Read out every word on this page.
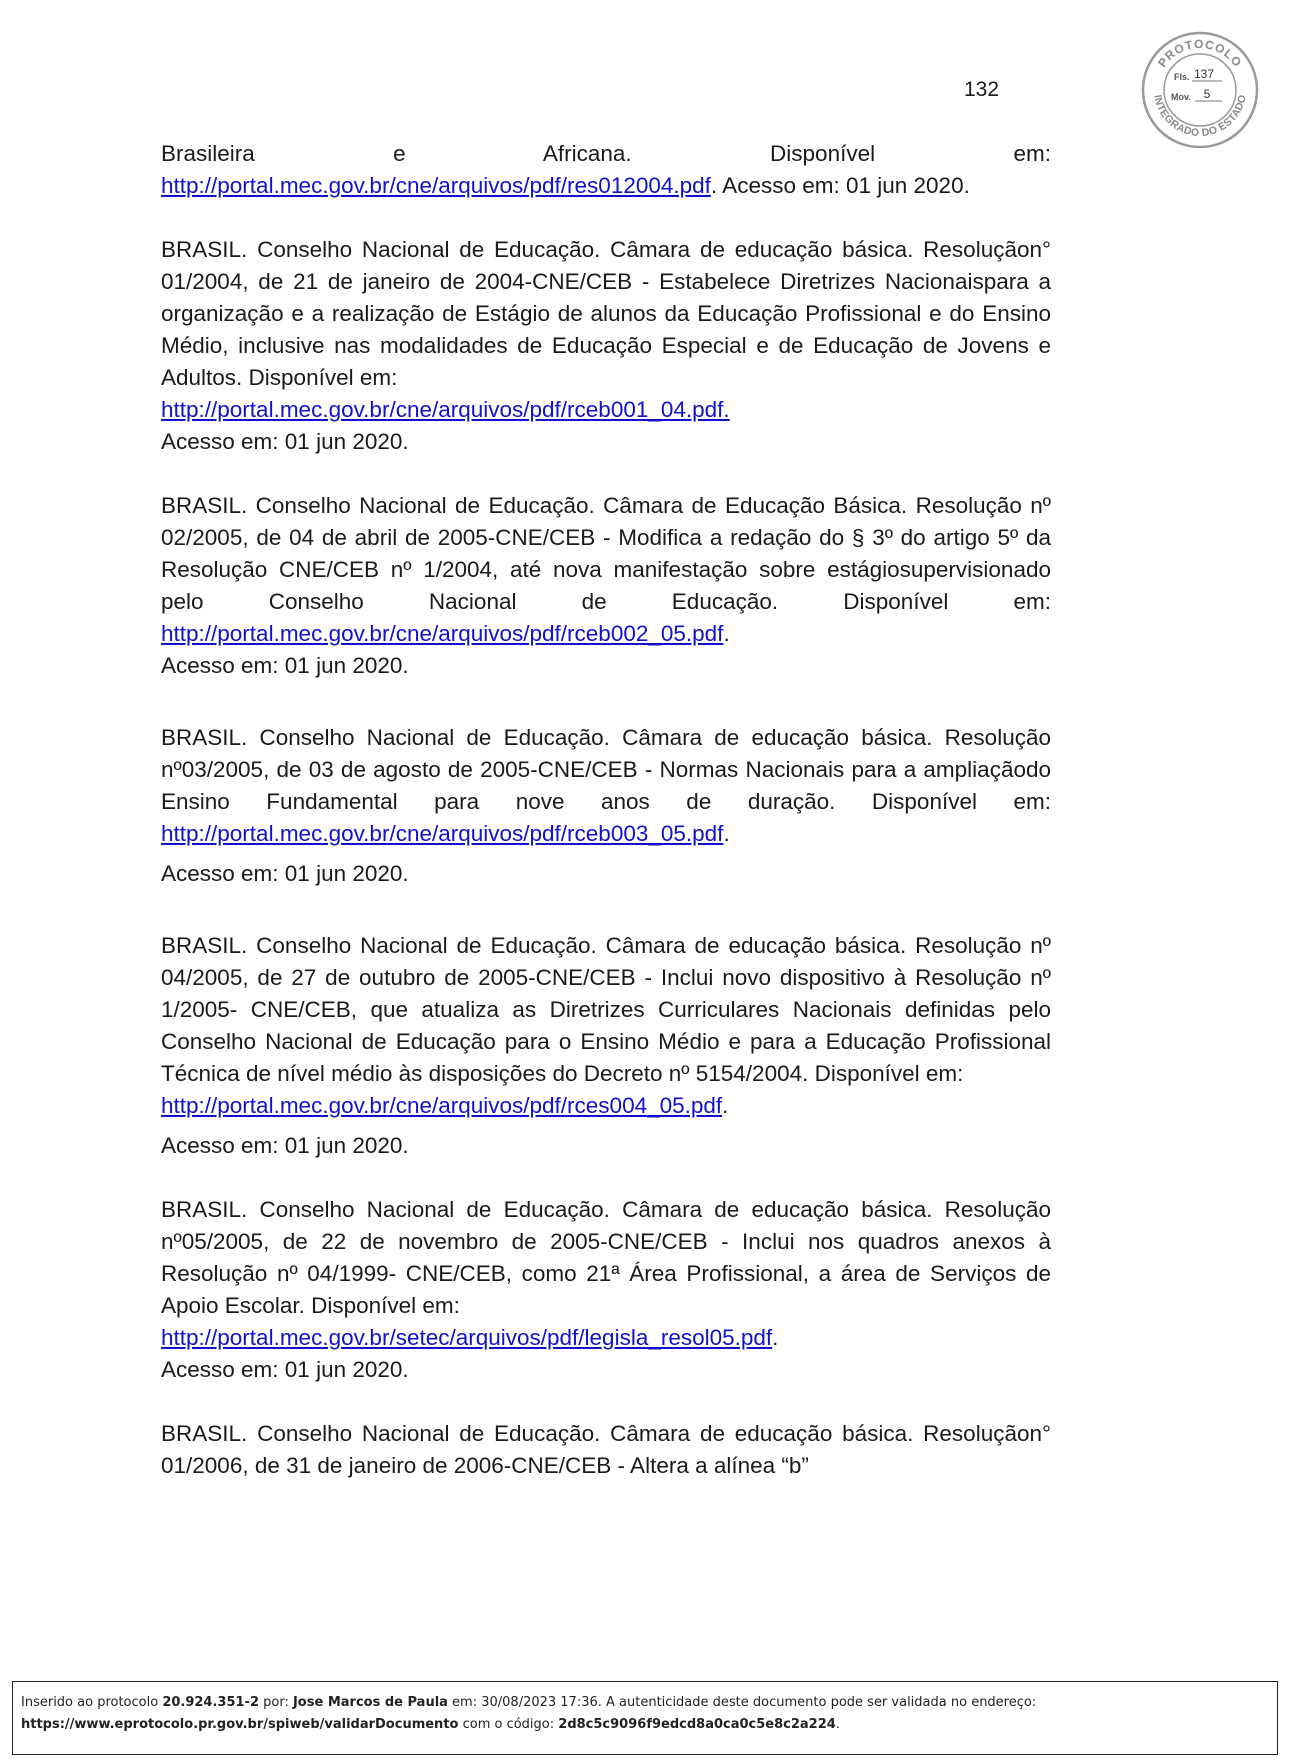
132
PROTOCOLO
INTEGRADO DO ESTADO
Fls. 137
Mov. 5

Brasileira e Africana. Disponível em:

http://portal.mec.gov.br/cne/arquivos/pdf/res012004.pdf. Acesso em: 01 jun 2020.

BRASIL. Conselho Nacional de Educação. Câmara de educação básica. Resoluçãon° 01/2004, de 21 de janeiro de 2004-CNE/CEB - Estabelece Diretrizes Nacionaispara a organização e a realização de Estágio de alunos da Educação Profissional e do Ensino Médio, inclusive nas modalidades de Educação Especial e de Educação de Jovens e Adultos. Disponível em:

http://portal.mec.gov.br/cne/arquivos/pdf/rceb001_04.pdf.

Acesso em: 01 jun 2020.

BRASIL. Conselho Nacional de Educação. Câmara de Educação Básica. Resolução nº 02/2005, de 04 de abril de 2005-CNE/CEB - Modifica a redação do § 3º do artigo 5º da Resolução CNE/CEB nº 1/2004, até nova manifestação sobre estágiosupervisionado pelo Conselho Nacional de Educação. Disponível em: http://portal.mec.gov.br/cne/arquivos/pdf/rceb002_05.pdf.

Acesso em: 01 jun 2020.

BRASIL. Conselho Nacional de Educação. Câmara de educação básica. Resolução nº03/2005, de 03 de agosto de 2005-CNE/CEB - Normas Nacionais para a ampliaçãodo Ensino Fundamental para nove anos de duração. Disponível em: http://portal.mec.gov.br/cne/arquivos/pdf/rceb003_05.pdf.

Acesso em: 01 jun 2020.

BRASIL. Conselho Nacional de Educação. Câmara de educação básica. Resolução nº 04/2005, de 27 de outubro de 2005-CNE/CEB - Inclui novo dispositivo à Resolução nº 1/2005- CNE/CEB, que atualiza as Diretrizes Curriculares Nacionais definidas pelo Conselho Nacional de Educação para o Ensino Médio e para a Educação Profissional Técnica de nível médio às disposições do Decreto nº 5154/2004. Disponível em:

http://portal.mec.gov.br/cne/arquivos/pdf/rces004_05.pdf.

Acesso em: 01 jun 2020.

BRASIL. Conselho Nacional de Educação. Câmara de educação básica. Resolução nº05/2005, de 22 de novembro de 2005-CNE/CEB - Inclui nos quadros anexos à Resolução nº 04/1999- CNE/CEB, como 21ª Área Profissional, a área de Serviços de Apoio Escolar. Disponível em:

http://portal.mec.gov.br/setec/arquivos/pdf/legisla_resol05.pdf.

Acesso em: 01 jun 2020.

BRASIL. Conselho Nacional de Educação. Câmara de educação básica. Resoluçãon° 01/2006, de 31 de janeiro de 2006-CNE/CEB - Altera a alínea “b”

Inserido ao protocolo 20.924.351-2 por: Jose Marcos de Paula em: 30/08/2023 17:36. A autenticidade deste documento pode ser validada no endereço:
https://www.eprotocolo.pr.gov.br/spiweb/validarDocumento com o código: 2d8c5c9096f9edcd8a0ca0c5e8c2a224.
